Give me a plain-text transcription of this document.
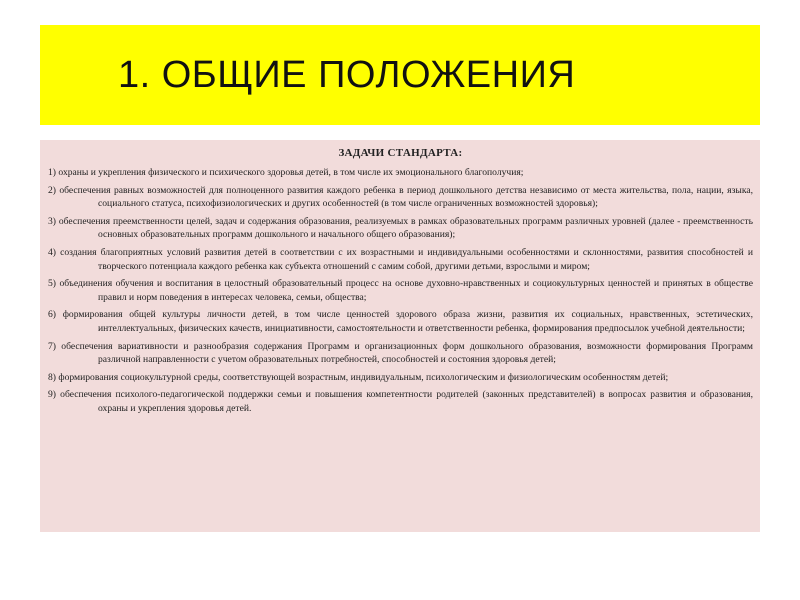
1. ОБЩИЕ ПОЛОЖЕНИЯ
ЗАДАЧИ СТАНДАРТА:
1) охраны и укрепления физического и психического здоровья детей, в том числе их эмоционального благополучия;
2) обеспечения равных возможностей для полноценного развития каждого ребенка в период дошкольного детства независимо от места жительства, пола, нации, языка, социального статуса, психофизиологических и других особенностей (в том числе ограниченных возможностей здоровья);
3) обеспечения преемственности целей, задач и содержания образования, реализуемых в рамках образовательных программ различных уровней (далее - преемственность основных образовательных программ дошкольного и начального общего образования);
4) создания благоприятных условий развития детей в соответствии с их возрастными и индивидуальными особенностями и склонностями, развития способностей и творческого потенциала каждого ребенка как субъекта отношений с самим собой, другими детьми, взрослыми и миром;
5) объединения обучения и воспитания в целостный образовательный процесс на основе духовно-нравственных и социокультурных ценностей и принятых в обществе правил и норм поведения в интересах человека, семьи, общества;
6) формирования общей культуры личности детей, в том числе ценностей здорового образа жизни, развития их социальных, нравственных, эстетических, интеллектуальных, физических качеств, инициативности, самостоятельности и ответственности ребенка, формирования предпосылок учебной деятельности;
7) обеспечения вариативности и разнообразия содержания Программ и организационных форм дошкольного образования, возможности формирования Программ различной направленности с учетом образовательных потребностей, способностей и состояния здоровья детей;
8) формирования социокультурной среды, соответствующей возрастным, индивидуальным, психологическим и физиологическим особенностям детей;
9) обеспечения психолого-педагогической поддержки семьи и повышения компетентности родителей (законных представителей) в вопросах развития и образования, охраны и укрепления здоровья детей.
